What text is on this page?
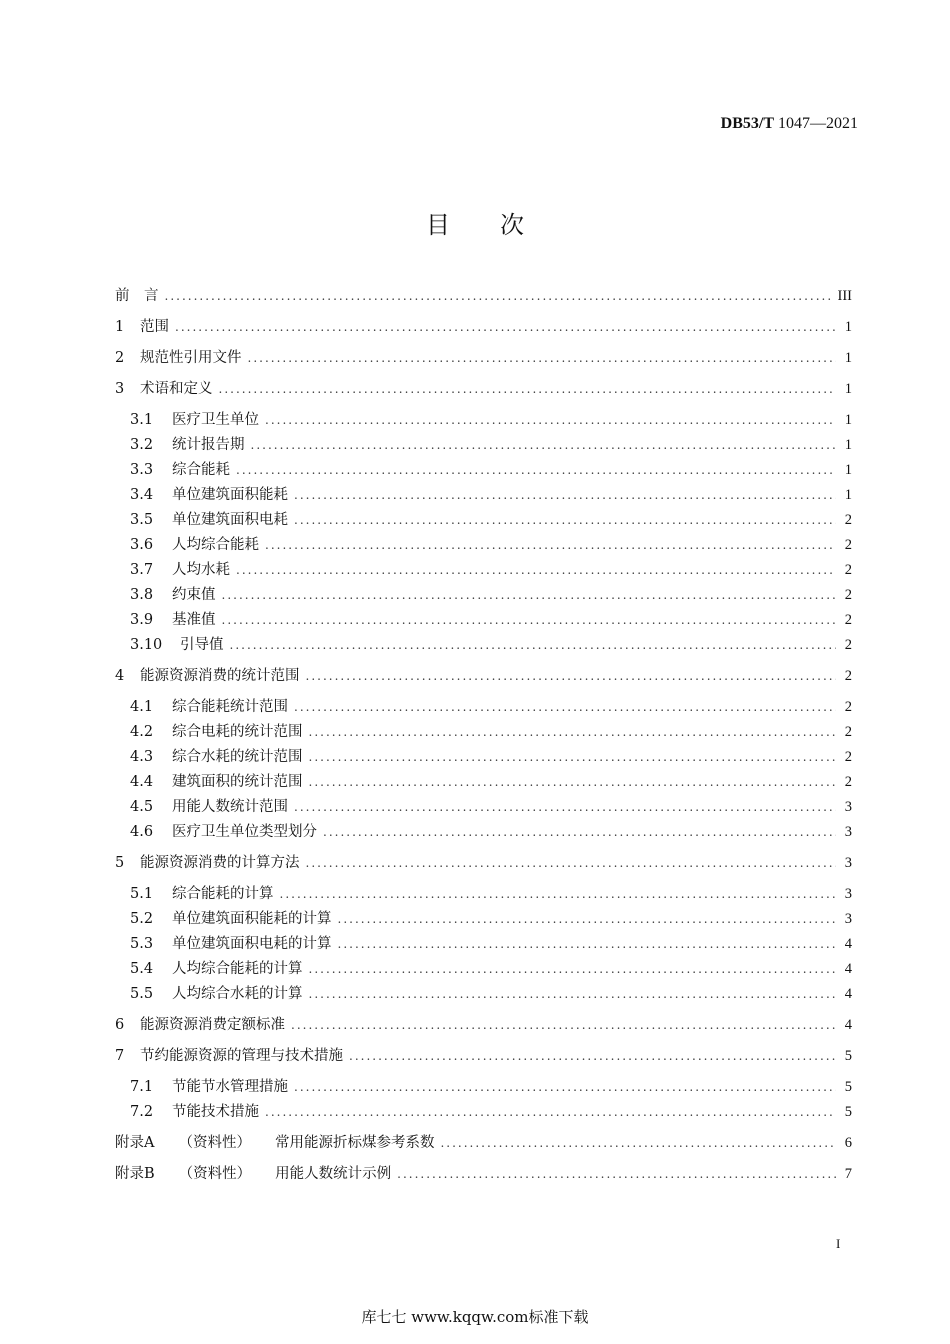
DB53/T 1047—2021
目次
前　言 .....	III
1	范围 .....	1
2	规范性引用文件 .....	1
3	术语和定义 .....	1
3.1	医疗卫生单位 .....	1
3.2	统计报告期 .....	1
3.3	综合能耗 .....	1
3.4	单位建筑面积能耗 .....	1
3.5	单位建筑面积电耗 .....	2
3.6	人均综合能耗 .....	2
3.7	人均水耗 .....	2
3.8	约束值 .....	2
3.9	基准值 .....	2
3.10	引导值 .....	2
4	能源资源消费的统计范围 .....	2
4.1	综合能耗统计范围 .....	2
4.2	综合电耗的统计范围 .....	2
4.3	综合水耗的统计范围 .....	2
4.4	建筑面积的统计范围 .....	2
4.5	用能人数统计范围 .....	3
4.6	医疗卫生单位类型划分 .....	3
5	能源资源消费的计算方法 .....	3
5.1	综合能耗的计算 .....	3
5.2	单位建筑面积能耗的计算 .....	3
5.3	单位建筑面积电耗的计算 .....	4
5.4	人均综合能耗的计算 .....	4
5.5	人均综合水耗的计算 .....	4
6	能源资源消费定额标准 .....	4
7	节约能源资源的管理与技术措施 .....	5
7.1	节能节水管理措施 .....	5
7.2	节能技术措施 .....	5
附录A （资料性） 常用能源折标煤参考系数 .....	6
附录B （资料性） 用能人数统计示例 .....	7
I
库七七 www.kqqw.com标准下载
